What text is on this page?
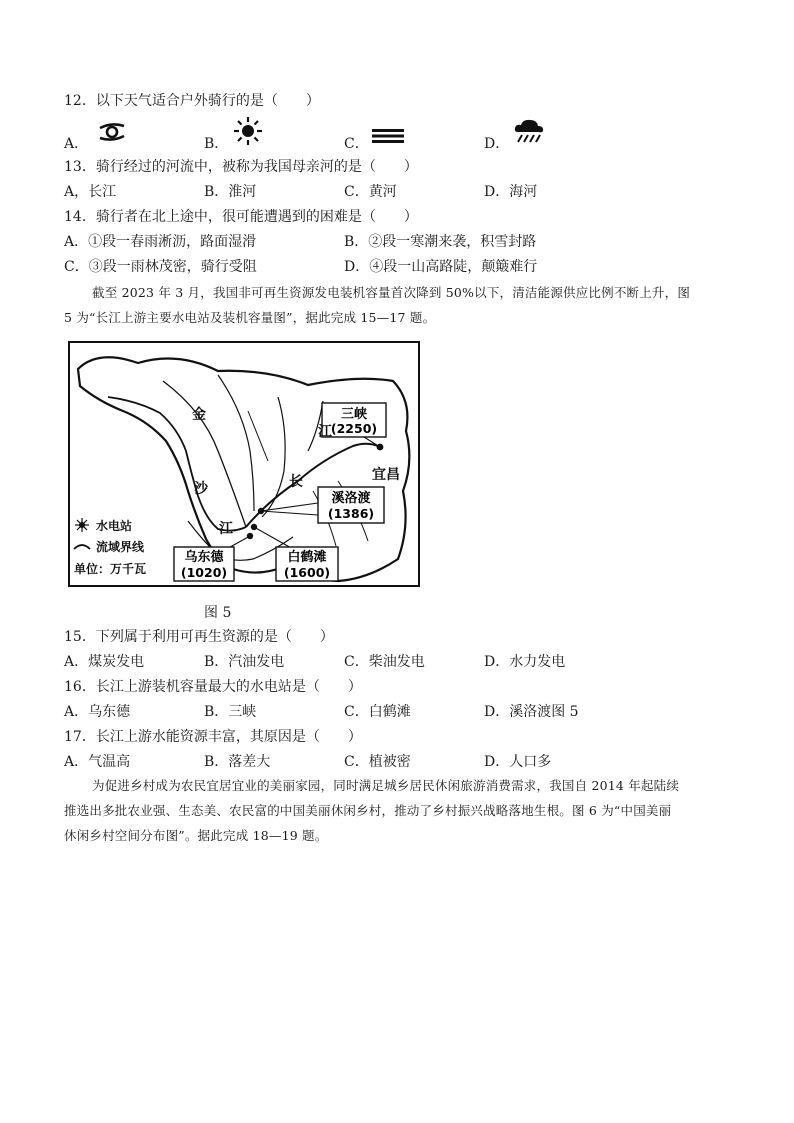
12．以下天气适合户外骑行的是（　　）
A．	B．	C．	D．
13．骑行经过的河流中，被称为我国母亲河的是（　　）
A，长江	B．淮河	C．黄河	D．海河
14．骑行者在北上途中，很可能遭遇到的困难是（　　）
A．①段一春雨淅沥，路面湿滑	B．②段一寒潮来袭，积雪封路
C．③段一雨林茂密，骑行受阻	D．④段一山高路陡，颠簸难行
截至 2023 年 3 月，我国非可再生资源发电装机容量首次降到 50%以下，清洁能源供应比例不断上升，图
5 为“长江上游主要水电站及装机容量图”，据此完成 15—17 题。
三峡
(2250)
溪洛渡
(1386)
乌东德
(1020)
白鹤滩
(1600)
金
沙
江
长
江
宜昌
水电站
流域界线
单位：万千瓦
图 5
15．下列属于利用可再生资源的是（　　）
A．煤炭发电	B．汽油发电	C．柴油发电	D．水力发电
16．长江上游装机容量最大的水电站是（　　）
A．乌东德	B．三峡	C．白鹤滩	D．溪洛渡图 5
17．长江上游水能资源丰富，其原因是（　　）
A．气温高	B．落差大	C．植被密	D．人口多
为促进乡村成为农民宜居宜业的美丽家园，同时满足城乡居民休闲旅游消费需求，我国自 2014 年起陆续
推选出多批农业强、生态美、农民富的中国美丽休闲乡村，推动了乡村振兴战略落地生根。图 6 为“中国美丽
休闲乡村空间分布图”。据此完成 18—19 题。
